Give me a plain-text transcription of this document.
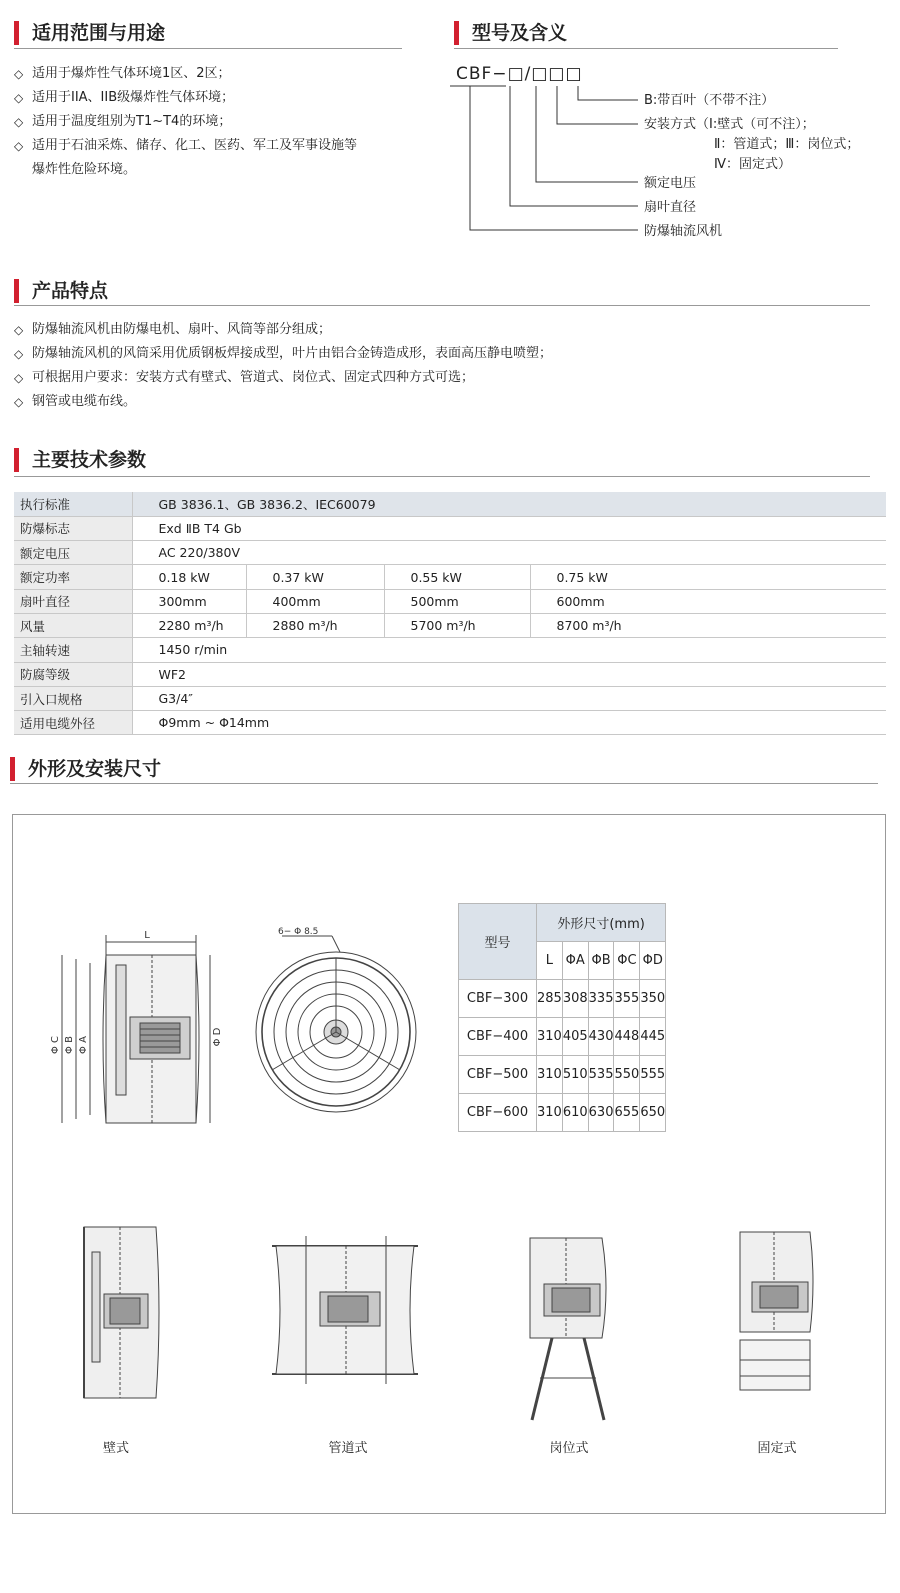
适用范围与用途
◇ 适用于爆炸性气体环境1区、2区；
◇ 适用于IIA、IIB级爆炸性气体环境；
◇ 适用于温度组别为T1~T4的环境；
◇ 适用于石油采炼、储存、化工、医药、军工及军事设施等
爆炸性危险环境。
型号及含义
CBF−□/□□□
B:带百叶（不带不注）
安装方式（Ⅰ:壁式（可不注）；
Ⅱ：管道式；Ⅲ：岗位式；
Ⅳ：固定式）
额定电压
扇叶直径
防爆轴流风机
产品特点
◇ 防爆轴流风机由防爆电机、扇叶、风筒等部分组成；
◇ 防爆轴流风机的风筒采用优质钢板焊接成型，叶片由铝合金铸造成形，表面高压静电喷塑；
◇ 可根据用户要求：安装方式有壁式、管道式、岗位式、固定式四种方式可选；
◇ 钢管或电缆布线。
主要技术参数
执行标准	GB 3836.1、GB 3836.2、IEC60079			
防爆标志	Exd ⅡB T4 Gb			
额定电压	AC 220/380V			
额定功率	0.18 kW	0.37 kW	0.55 kW	0.75 kW
扇叶直径	300mm	400mm	500mm	600mm
风量	2280 m³/h	2880 m³/h	5700 m³/h	8700 m³/h
主轴转速	1450 r/min			
防腐等级	WF2			
引入口规格	G3/4″			
适用电缆外径	Φ9mm ~ Φ14mm			
外形及安装尺寸
L
Φ C Φ B Φ A	Φ D
6− Φ 8.5
型号	外形尺寸(mm)				
	L	ΦA	ΦB	ΦC	ΦD
CBF−300	285	308	335	355	350
CBF−400	310	405	430	448	445
CBF−500	310	510	535	550	555
CBF−600	310	610	630	655	650
壁式	管道式	岗位式	固定式
